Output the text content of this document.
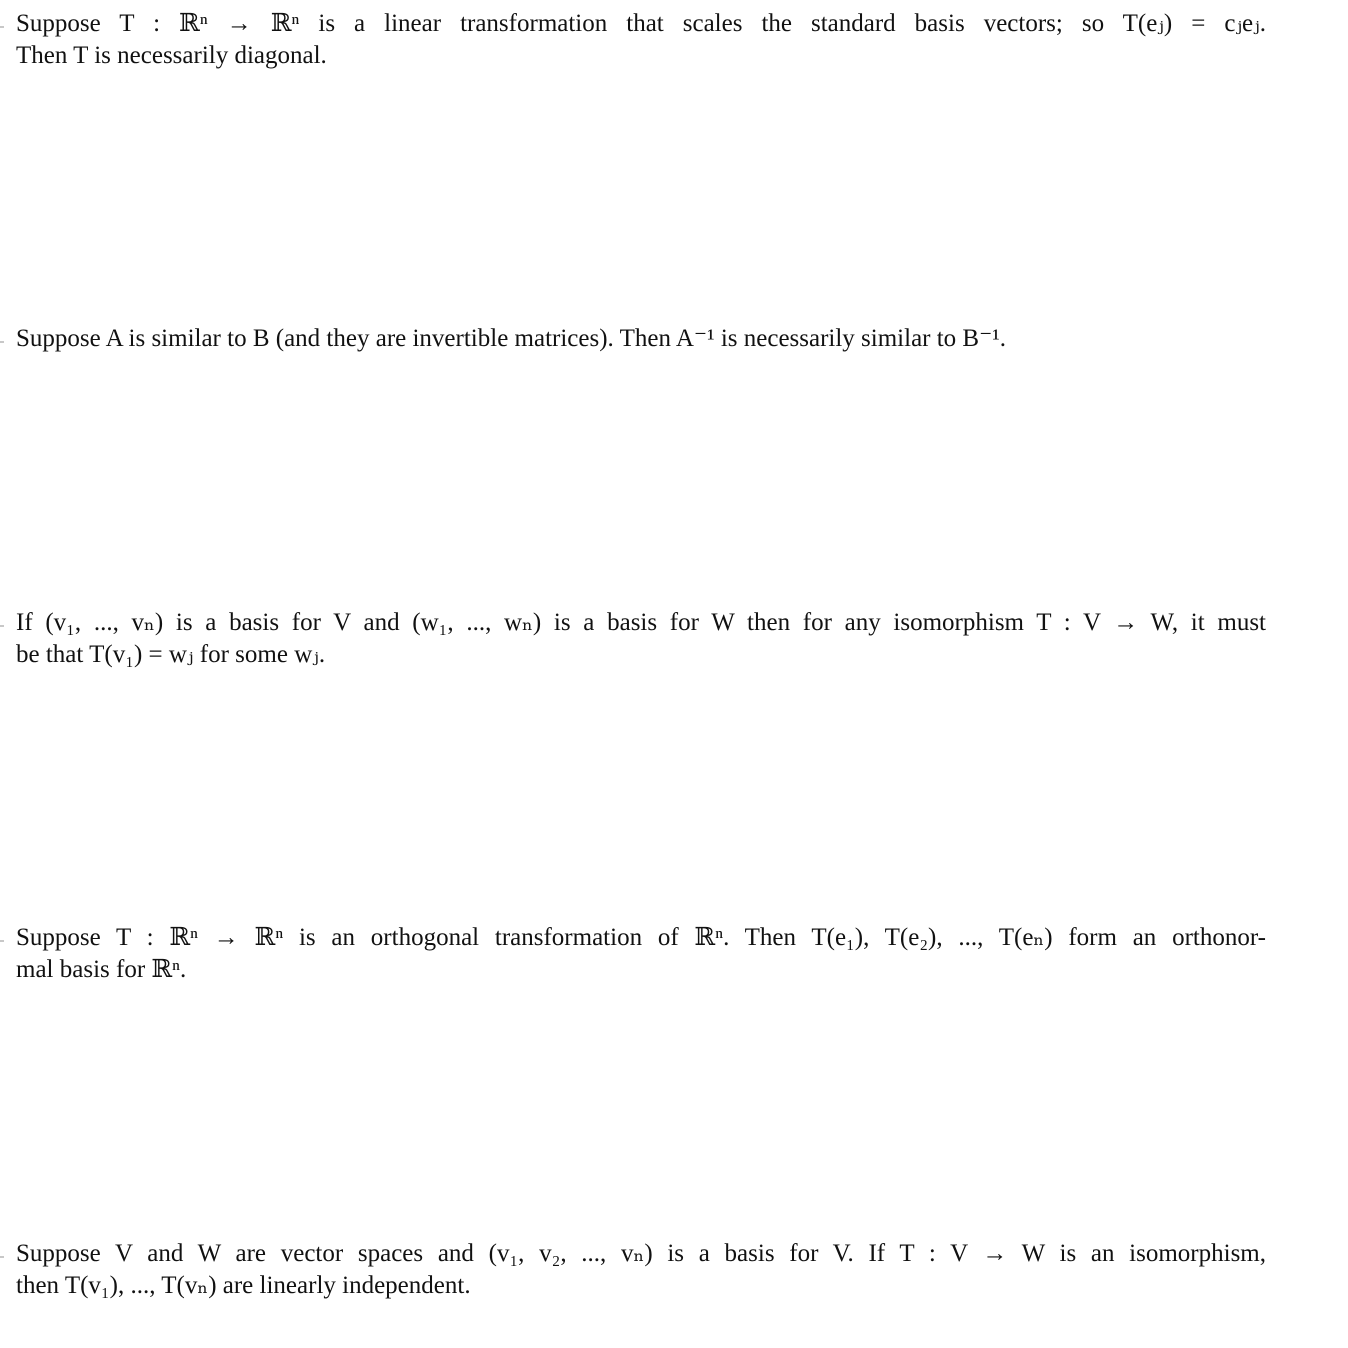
Suppose T : ℝⁿ → ℝⁿ is a linear transformation that scales the standard basis vectors; so T(eⱼ) = cⱼeⱼ.
Then T is necessarily diagonal.
Suppose A is similar to B (and they are invertible matrices). Then A⁻¹ is necessarily similar to B⁻¹.
If (v₁, ..., vₙ) is a basis for V and (w₁, ..., wₙ) is a basis for W then for any isomorphism T : V → W, it must
be that T(v₁) = wⱼ for some wⱼ.
Suppose T : ℝⁿ → ℝⁿ is an orthogonal transformation of ℝⁿ. Then T(e₁), T(e₂), ..., T(eₙ) form an orthonor-
mal basis for ℝⁿ.
Suppose V and W are vector spaces and (v₁, v₂, ..., vₙ) is a basis for V. If T : V → W is an isomorphism,
then T(v₁), ..., T(vₙ) are linearly independent.
